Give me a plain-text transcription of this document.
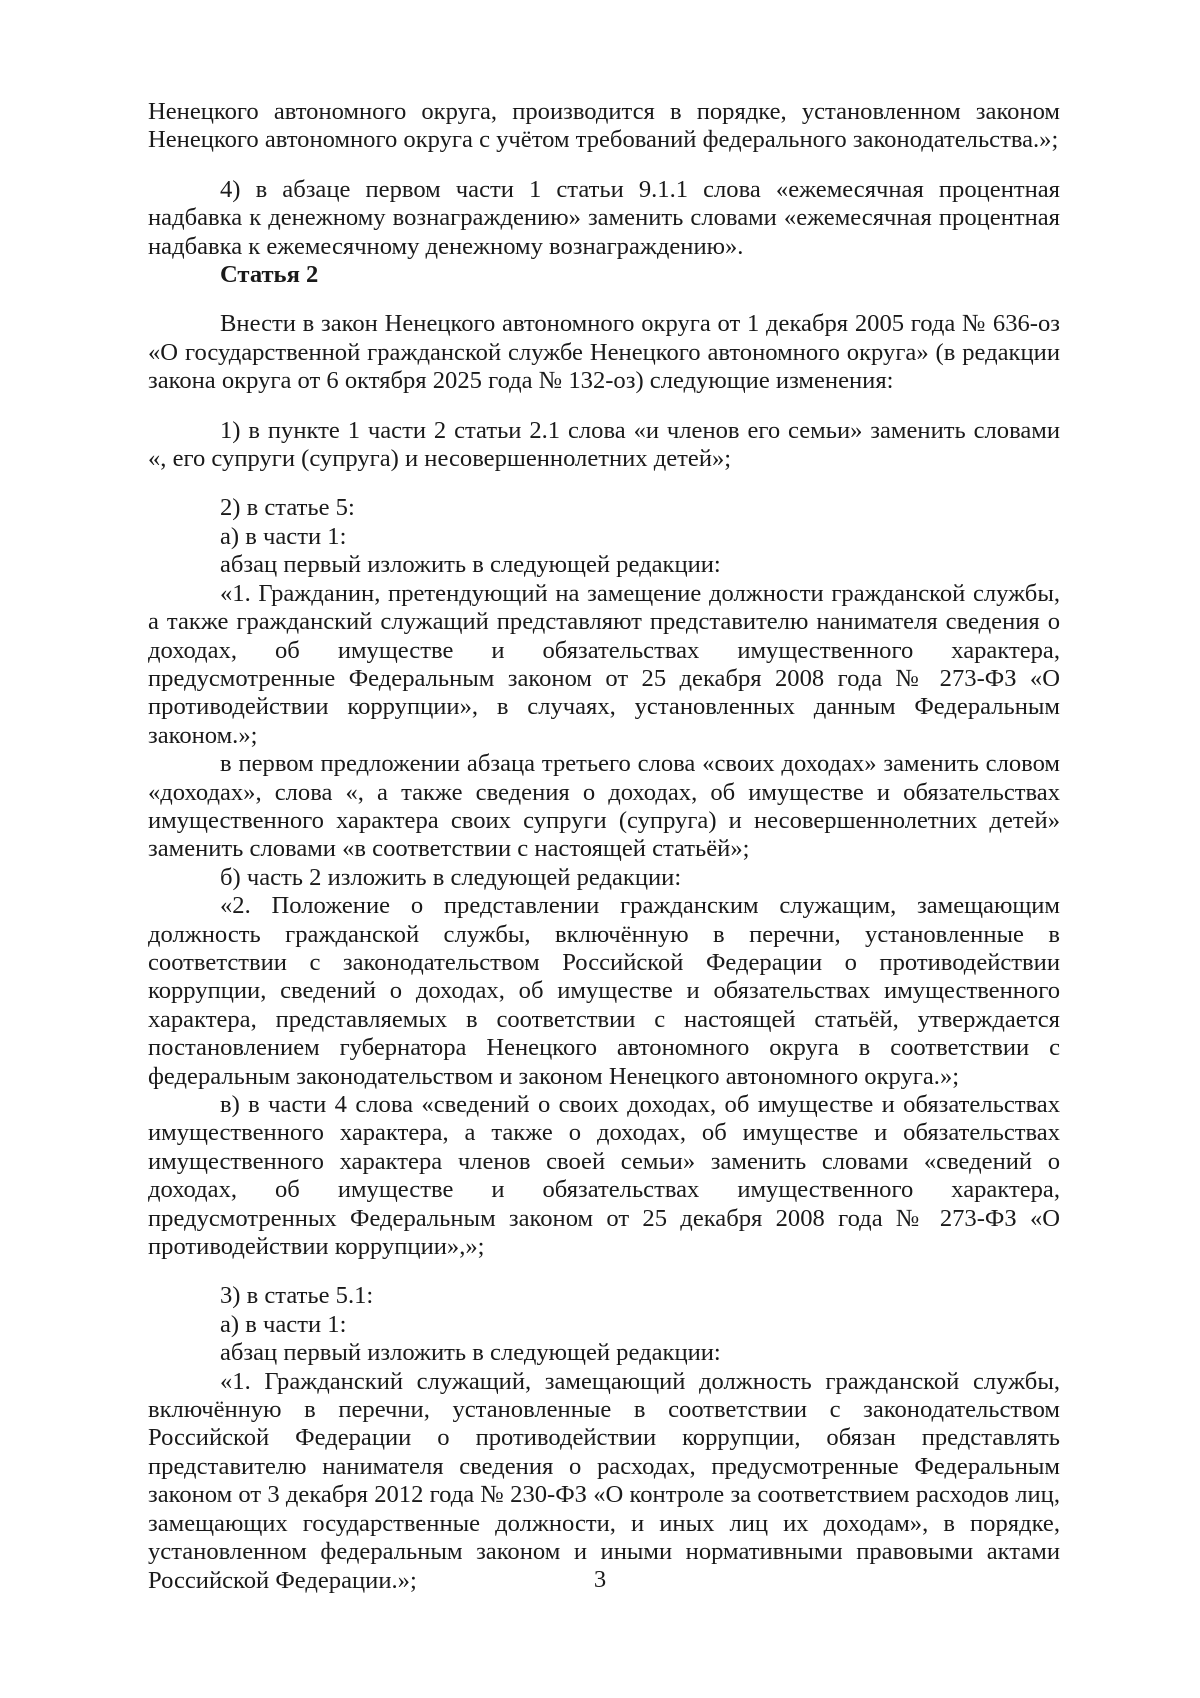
Ненецкого автономного округа, производится в порядке, установленном законом Ненецкого автономного округа с учётом требований федерального законодательства.»;

4) в абзаце первом части 1 статьи 9.1.1 слова «ежемесячная процентная надбавка к денежному вознаграждению» заменить словами «ежемесячная процентная надбавка к ежемесячному денежному вознаграждению».

Статья 2

Внести в закон Ненецкого автономного округа от 1 декабря 2005 года № 636-оз «О государственной гражданской службе Ненецкого автономного округа» (в редакции закона округа от 6 октября 2025 года № 132-оз) следующие изменения:

1) в пункте 1 части 2 статьи 2.1 слова «и членов его семьи» заменить словами «, его супруги (супруга) и несовершеннолетних детей»;

2) в статье 5:

а) в части 1:

абзац первый изложить в следующей редакции:

«1. Гражданин, претендующий на замещение должности гражданской службы, а также гражданский служащий представляют представителю нанимателя сведения о доходах, об имуществе и обязательствах имущественного характера, предусмотренные Федеральным законом от 25 декабря 2008 года № 273-ФЗ «О противодействии коррупции», в случаях, установленных данным Федеральным законом.»;

в первом предложении абзаца третьего слова «своих доходах» заменить словом «доходах», слова «, а также сведения о доходах, об имуществе и обязательствах имущественного характера своих супруги (супруга) и несовершеннолетних детей» заменить словами «в соответствии с настоящей статьёй»;

б) часть 2 изложить в следующей редакции:

«2. Положение о представлении гражданским служащим, замещающим должность гражданской службы, включённую в перечни, установленные в соответствии с законодательством Российской Федерации о противодействии коррупции, сведений о доходах, об имуществе и обязательствах имущественного характера, представляемых в соответствии с настоящей статьёй, утверждается постановлением губернатора Ненецкого автономного округа в соответствии с федеральным законодательством и законом Ненецкого автономного округа.»;

в) в части 4 слова «сведений о своих доходах, об имуществе и обязательствах имущественного характера, а также о доходах, об имуществе и обязательствах имущественного характера членов своей семьи» заменить словами «сведений о доходах, об имуществе и обязательствах имущественного характера, предусмотренных Федеральным законом от 25 декабря 2008 года № 273-ФЗ «О противодействии коррупции»,»;

3) в статье 5.1:

а) в части 1:

абзац первый изложить в следующей редакции:

«1. Гражданский служащий, замещающий должность гражданской службы, включённую в перечни, установленные в соответствии с законодательством Российской Федерации о противодействии коррупции, обязан представлять представителю нанимателя сведения о расходах, предусмотренные Федеральным законом от 3 декабря 2012 года № 230-ФЗ «О контроле за соответствием расходов лиц, замещающих государственные должности, и иных лиц их доходам», в порядке, установленном федеральным законом и иными нормативными правовыми актами Российской Федерации.»;	3
